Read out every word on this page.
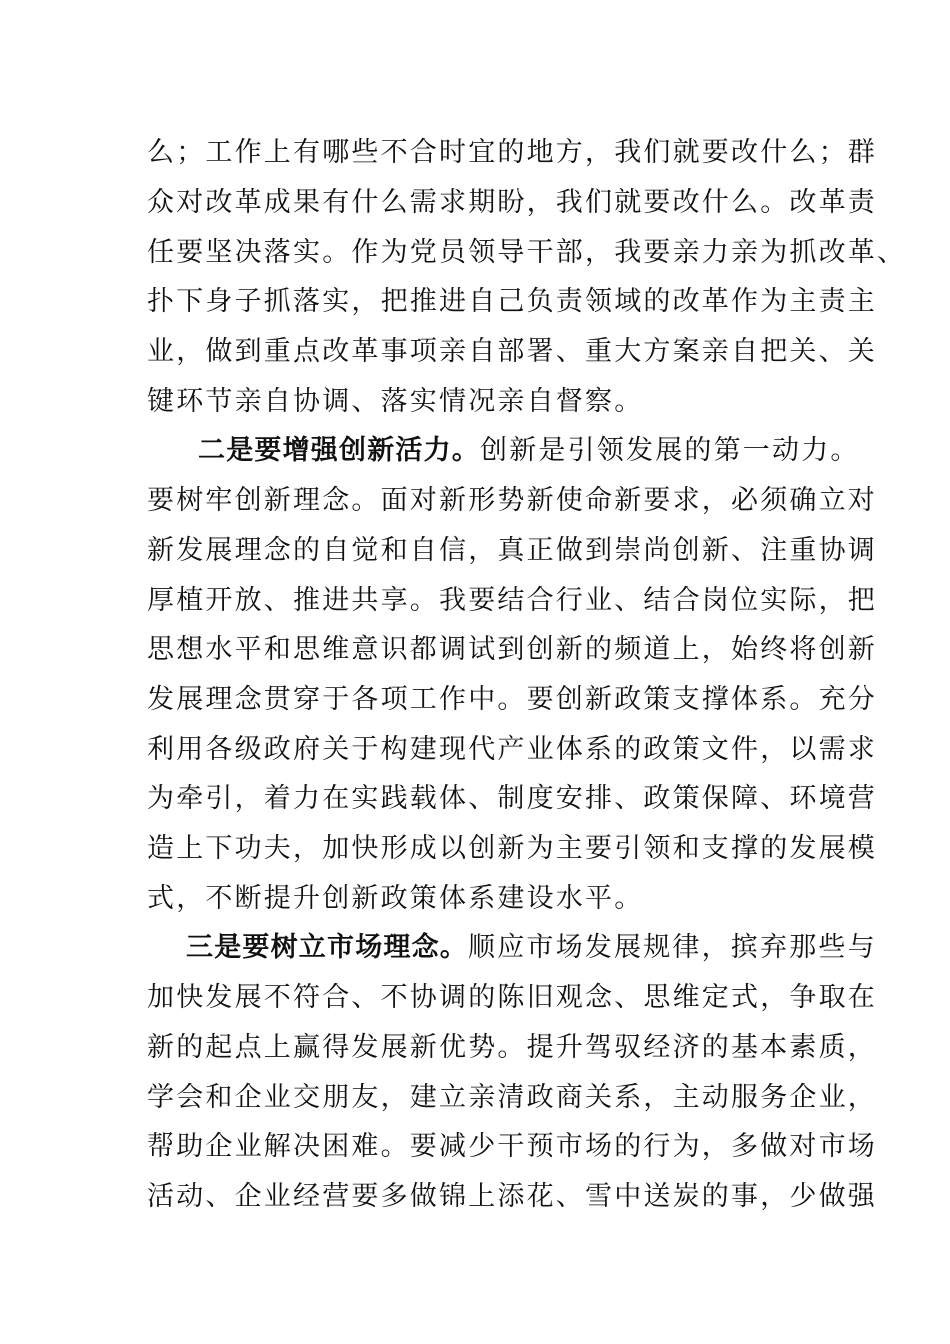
么；工作上有哪些不合时宜的地方，我们就要改什么；群
众对改革成果有什么需求期盼，我们就要改什么。改革责
任要坚决落实。作为党员领导干部，我要亲力亲为抓改革、
扑下身子抓落实，把推进自己负责领域的改革作为主责主
业，做到重点改革事项亲自部署、重大方案亲自把关、关
键环节亲自协调、落实情况亲自督察。
二是要增强创新活力。创新是引领发展的第一动力。
要树牢创新理念。面对新形势新使命新要求，必须确立对
新发展理念的自觉和自信，真正做到崇尚创新、注重协调
厚植开放、推进共享。我要结合行业、结合岗位实际，把
思想水平和思维意识都调试到创新的频道上，始终将创新
发展理念贯穿于各项工作中。要创新政策支撑体系。充分
利用各级政府关于构建现代产业体系的政策文件，以需求
为牵引，着力在实践载体、制度安排、政策保障、环境营
造上下功夫，加快形成以创新为主要引领和支撑的发展模
式，不断提升创新政策体系建设水平。
三是要树立市场理念。顺应市场发展规律，摈弃那些与
加快发展不符合、不协调的陈旧观念、思维定式，争取在
新的起点上赢得发展新优势。提升驾驭经济的基本素质，
学会和企业交朋友，建立亲清政商关系，主动服务企业，
帮助企业解决困难。要减少干预市场的行为，多做对市场
活动、企业经营要多做锦上添花、雪中送炭的事，少做强
